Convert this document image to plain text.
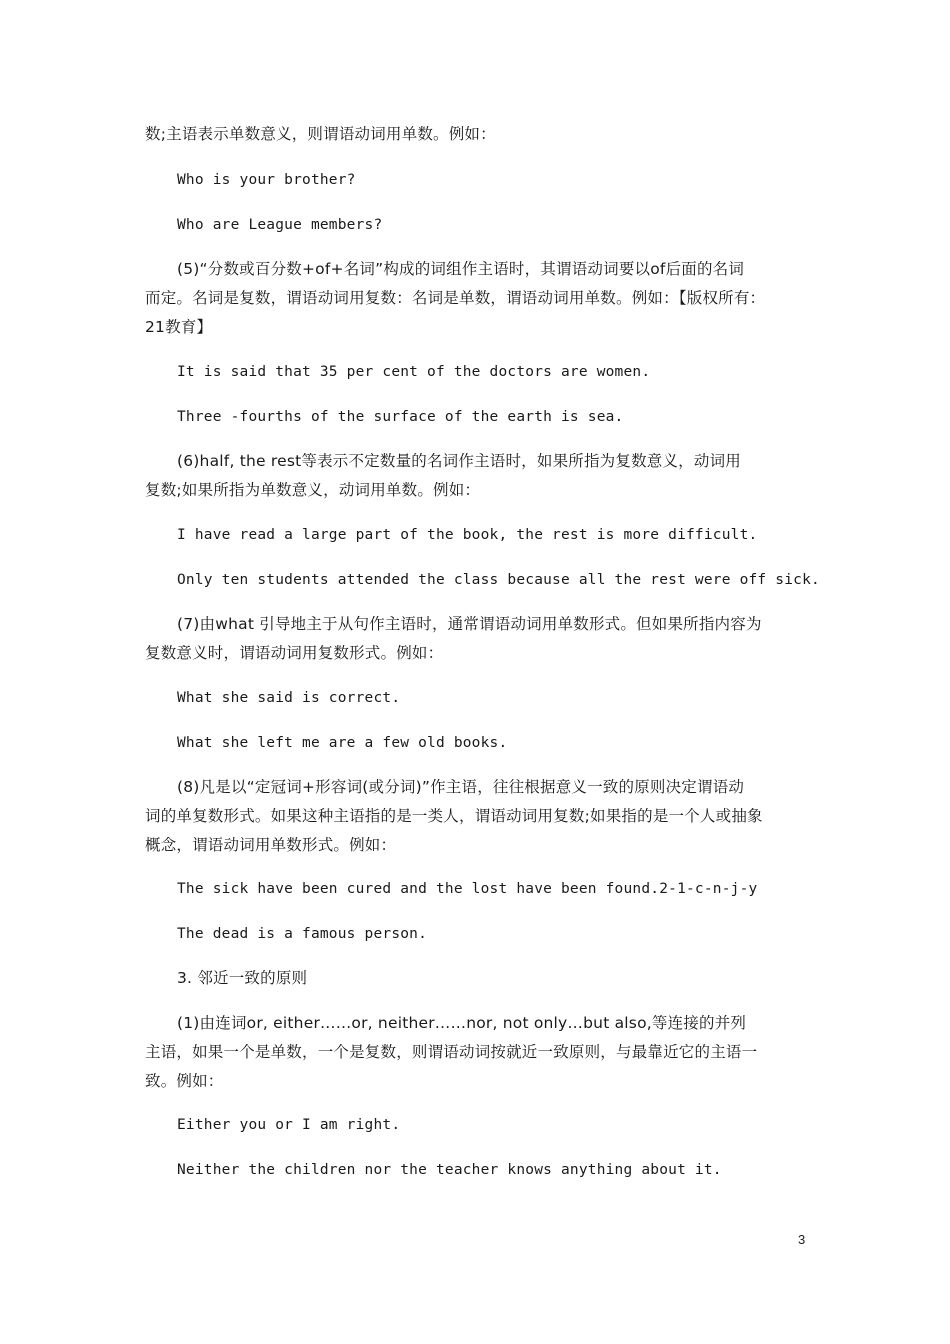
数;主语表示单数意义，则谓语动词用单数。例如：
Who is your brother?
Who are League members?
(5)“分数或百分数+of+名词”构成的词组作主语时，其谓语动词要以of后面的名词
而定。名词是复数，谓语动词用复数：名词是单数，谓语动词用单数。例如：【版权所有：
21教育】
It is said that 35 per cent of the doctors are women.
Three -fourths of the surface of the earth is sea.
(6)half, the rest等表示不定数量的名词作主语时，如果所指为复数意义，动词用
复数;如果所指为单数意义，动词用单数。例如：
I have read a large part of the book, the rest is more difficult.
Only ten students attended the class because all the rest were off sick.
(7)由what 引导地主于从句作主语时，通常谓语动词用单数形式。但如果所指内容为
复数意义时，谓语动词用复数形式。例如：
What she said is correct.
What she left me are a few old books.
(8)凡是以“定冠词+形容词(或分词)”作主语，往往根据意义一致的原则决定谓语动
词的单复数形式。如果这种主语指的是一类人，谓语动词用复数;如果指的是一个人或抽象
概念，谓语动词用单数形式。例如：
The sick have been cured and the lost have been found.2-1-c-n-j-y
The dead is a famous person.
3. 邻近一致的原则
(1)由连词or, either……or, neither……nor, not only…but also,等连接的并列
主语，如果一个是单数，一个是复数，则谓语动词按就近一致原则，与最靠近它的主语一
致。例如：
Either you or I am right.
Neither the children nor the teacher knows anything about it.
3
